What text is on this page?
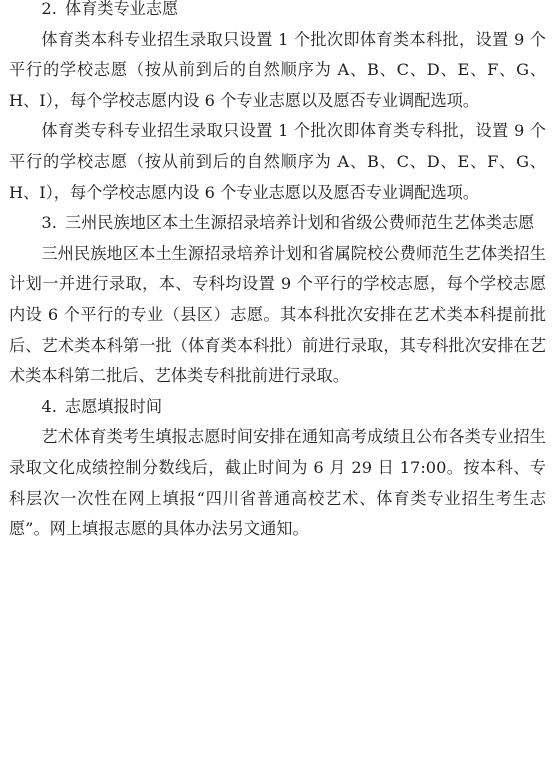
2. 体育类专业志愿

体育类本科专业招生录取只设置 1 个批次即体育类本科批，设置 9 个平行的学校志愿（按从前到后的自然顺序为 A、B、C、D、E、F、G、H、I），每个学校志愿内设 6 个专业志愿以及愿否专业调配选项。

体育类专科专业招生录取只设置 1 个批次即体育类专科批，设置 9 个平行的学校志愿（按从前到后的自然顺序为 A、B、C、D、E、F、G、H、I），每个学校志愿内设 6 个专业志愿以及愿否专业调配选项。

3. 三州民族地区本土生源招录培养计划和省级公费师范生艺体类志愿

三州民族地区本土生源招录培养计划和省属院校公费师范生艺体类招生计划一并进行录取，本、专科均设置 9 个平行的学校志愿，每个学校志愿内设 6 个平行的专业（县区）志愿。其本科批次安排在艺术类本科提前批后、艺术类本科第一批（体育类本科批）前进行录取，其专科批次安排在艺术类本科第二批后、艺体类专科批前进行录取。

4. 志愿填报时间

艺术体育类考生填报志愿时间安排在通知高考成绩且公布各类专业招生录取文化成绩控制分数线后，截止时间为 6 月 29 日 17:00。按本科、专科层次一次性在网上填报“四川省普通高校艺术、体育类专业招生考生志愿”。网上填报志愿的具体办法另文通知。
